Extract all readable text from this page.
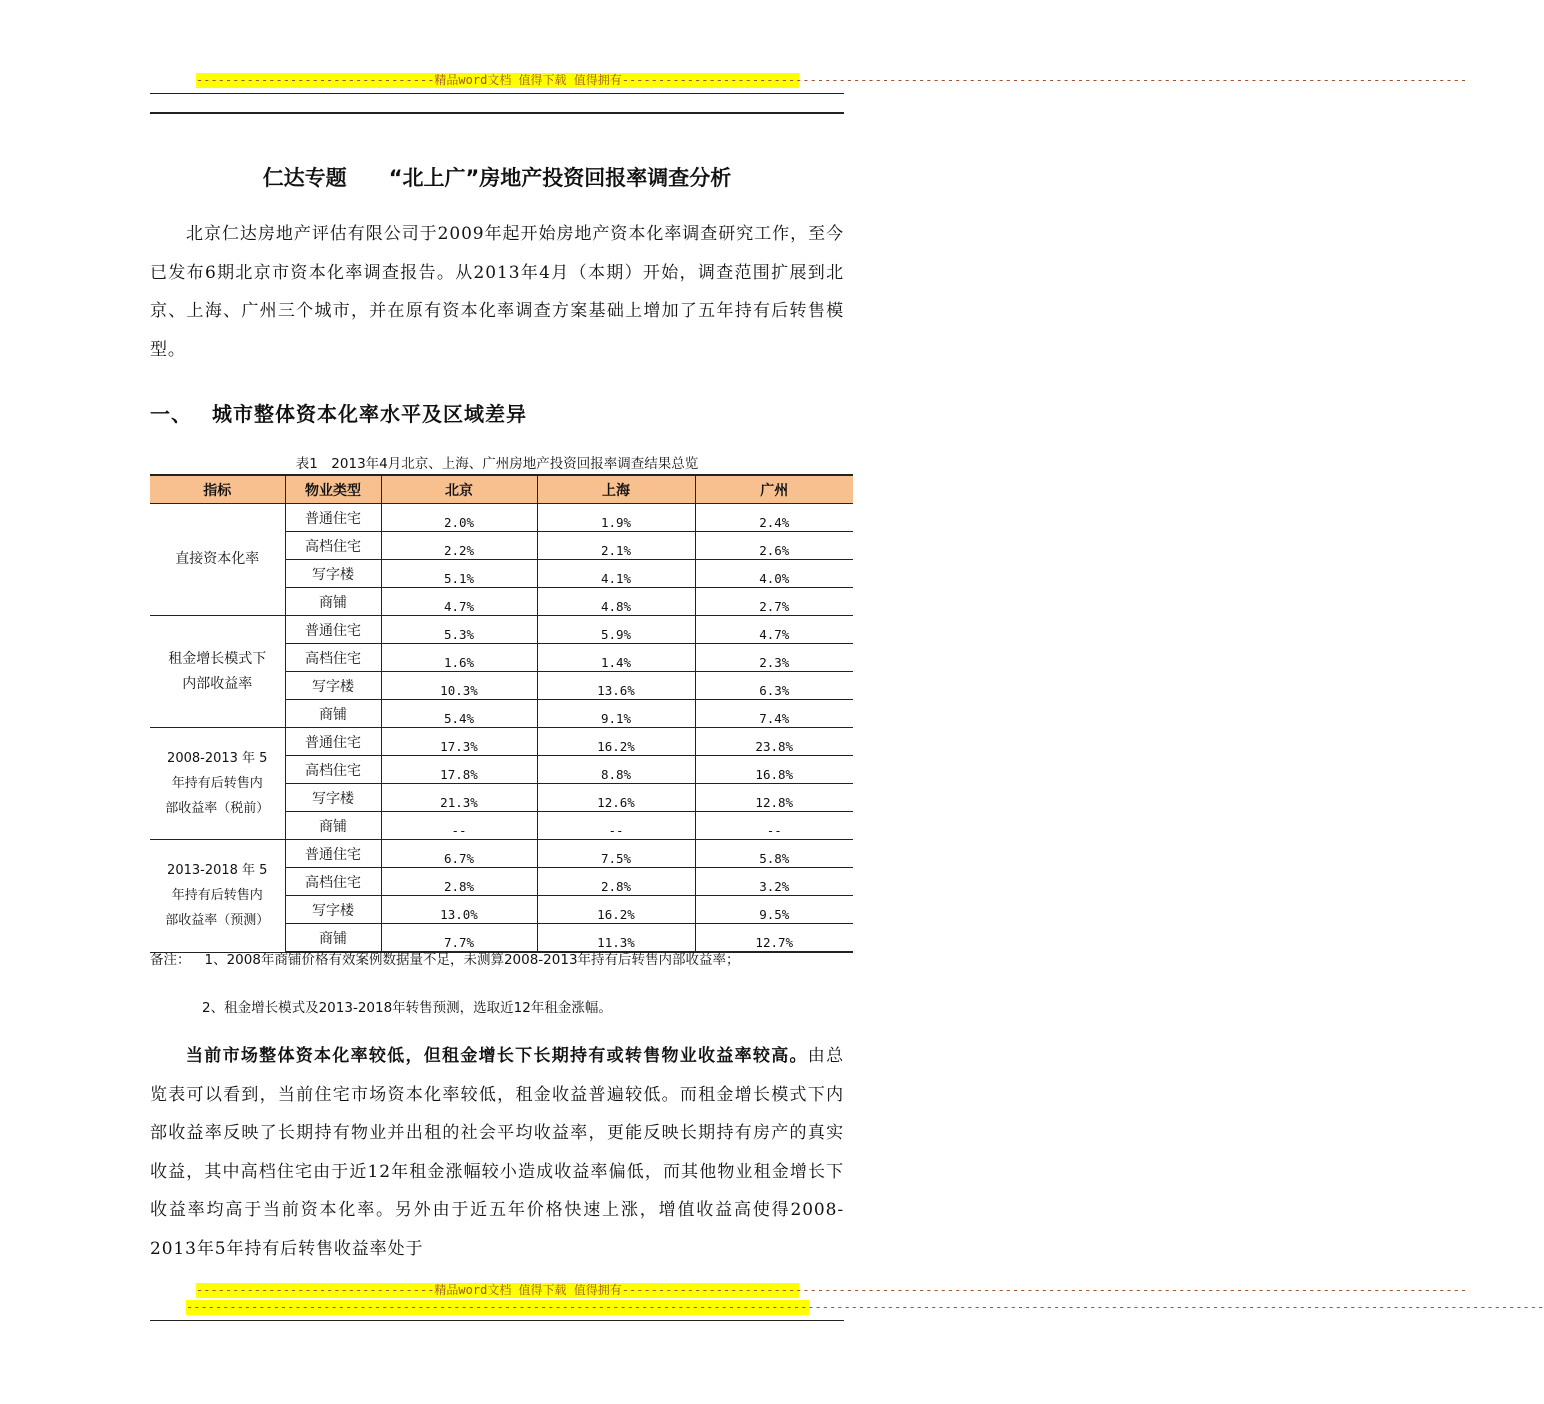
---------------------------------精品word文档 值得下载 值得拥有---------------------------------------------------------------------------------------------------------------------
仁达专题 “北上广”房地产投资回报率调查分析

北京仁达房地产评估有限公司于2009年起开始房地产资本化率调查研究工作，至今已发布6期北京市资本化率调查报告。从2013年4月（本期）开始，调查范围扩展到北京、上海、广州三个城市，并在原有资本化率调查方案基础上增加了五年持有后转售模型。

一、 城市整体资本化率水平及区域差异
表1　2013年4月北京、上海、广州房地产投资回报率调查结果总览
指标	物业类型	北京	上海	广州

直接资本化率	普通住宅	2.0%	1.9%	2.4%
	高档住宅	2.2%	2.1%	2.6%
	写字楼	5.1%	4.1%	4.0%
	商铺	4.7%	4.8%	2.7%

租金增长模式下
内部收益率	普通住宅	5.3%	5.9%	4.7%
	高档住宅	1.6%	1.4%	2.3%
	写字楼	10.3%	13.6%	6.3%
	商铺	5.4%	9.1%	7.4%

2008-2013 年 5
年持有后转售内
部收益率（税前）	普通住宅	17.3%	16.2%	23.8%
	高档住宅	17.8%	8.8%	16.8%
	写字楼	21.3%	12.6%	12.8%
	商铺	--	--	--

2013-2018 年 5
年持有后转售内
部收益率（预测）	普通住宅	6.7%	7.5%	5.8%
	高档住宅	2.8%	2.8%	3.2%
	写字楼	13.0%	16.2%	9.5%
	商铺	7.7%	11.3%	12.7%
备注： 1、2008年商铺价格有效案例数据量不足，未测算2008-2013年持有后转售内部收益率；
2、租金增长模式及2013-2018年转售预测，选取近12年租金涨幅。

当前市场整体资本化率较低，但租金增长下长期持有或转售物业收益率较高。由总览表可以看到，当前住宅市场资本化率较低，租金收益普遍较低。而租金增长模式下内部收益率反映了长期持有物业并出租的社会平均收益率，更能反映长期持有房产的真实收益，其中高档住宅由于近12年租金涨幅较小造成收益率偏低，而其他物业租金增长下收益率均高于当前资本化率。另外由于近五年价格快速上涨，增值收益高使得2008-2013年5年持有后转售收益率处于

---------------------------------精品word文档 值得下载 值得拥有---------------------------------------------------------------------------------------------------------------------
--------------------------------------------------------------------------------------------------------------------------------------------------------------------------------------------
